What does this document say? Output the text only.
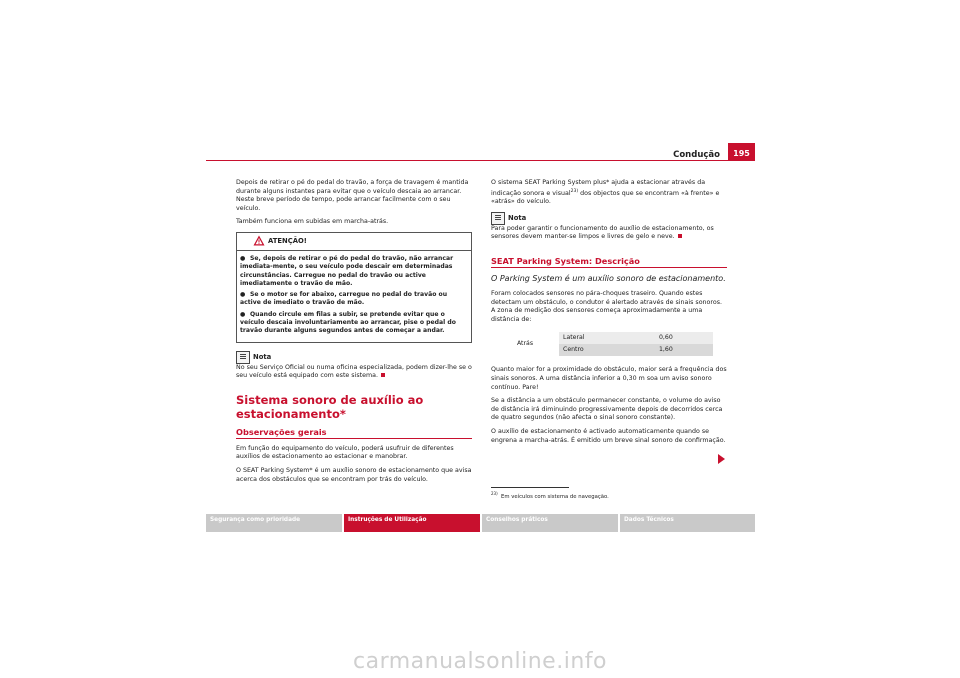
Condução	195

Depois de retirar o pé do pedal do travão, a força de travagem é mantida durante alguns instantes para evitar que o veículo descaia ao arrancar. Neste breve período de tempo, pode arrancar facilmente com o seu veículo.

Também funciona em subidas em marcha-atrás.

ATENÇÃO!
● Se, depois de retirar o pé do pedal do travão, não arrancar imediata-mente, o seu veículo pode descair em determinadas circunstâncias. Carregue no pedal do travão ou active imediatamente o travão de mão.
● Se o motor se for abaixo, carregue no pedal do travão ou active de imediato o travão de mão.
● Quando circule em filas a subir, se pretende evitar que o veículo descaia involuntariamente ao arrancar, pise o pedal do travão durante alguns segundos antes de começar a andar.
Nota

No seu Serviço Oficial ou numa oficina especializada, podem dizer-lhe se o seu veículo está equipado com este sistema.

Sistema sonoro de auxílio ao estacionamento*
Observações gerais

Em função do equipamento do veículo, poderá usufruir de diferentes auxílios de estacionamento ao estacionar e manobrar.

O SEAT Parking System* é um auxílio sonoro de estacionamento que avisa acerca dos obstáculos que se encontram por trás do veículo.

O sistema SEAT Parking System plus* ajuda a estacionar através da indicação sonora e visual$^{23)}$ dos objectos que se encontram «à frente» e «atrás» do veículo.

Nota

Para poder garantir o funcionamento do auxílio de estacionamento, os sensores devem manter-se limpos e livres de gelo e neve.

SEAT Parking System: Descrição
O Parking System é um auxílio sonoro de estacionamento.

Foram colocados sensores no pára-choques traseiro. Quando estes detectam um obstáculo, o condutor é alertado através de sinais sonoros. A zona de medição dos sensores começa aproximadamente a uma distância de:

Atrás	Lateral	0,60
	Centro	1,60

Quanto maior for a proximidade do obstáculo, maior será a frequência dos sinais sonoros. A uma distância inferior a 0,30 m soa um aviso sonoro contínuo. Pare!

Se a distância a um obstáculo permanecer constante, o volume do aviso de distância irá diminuindo progressivamente depois de decorridos cerca de quatro segundos (não afecta o sinal sonoro constante).

O auxílio de estacionamento é activado automaticamente quando se engrena a marcha-atrás. É emitido um breve sinal sonoro de confirmação.

$^{23)}$  Em veículos com sistema de navegação.
Segurança como prioridade	Instruções de Utilização	Conselhos práticos	Dados Técnicos
carmanualsonline.info
